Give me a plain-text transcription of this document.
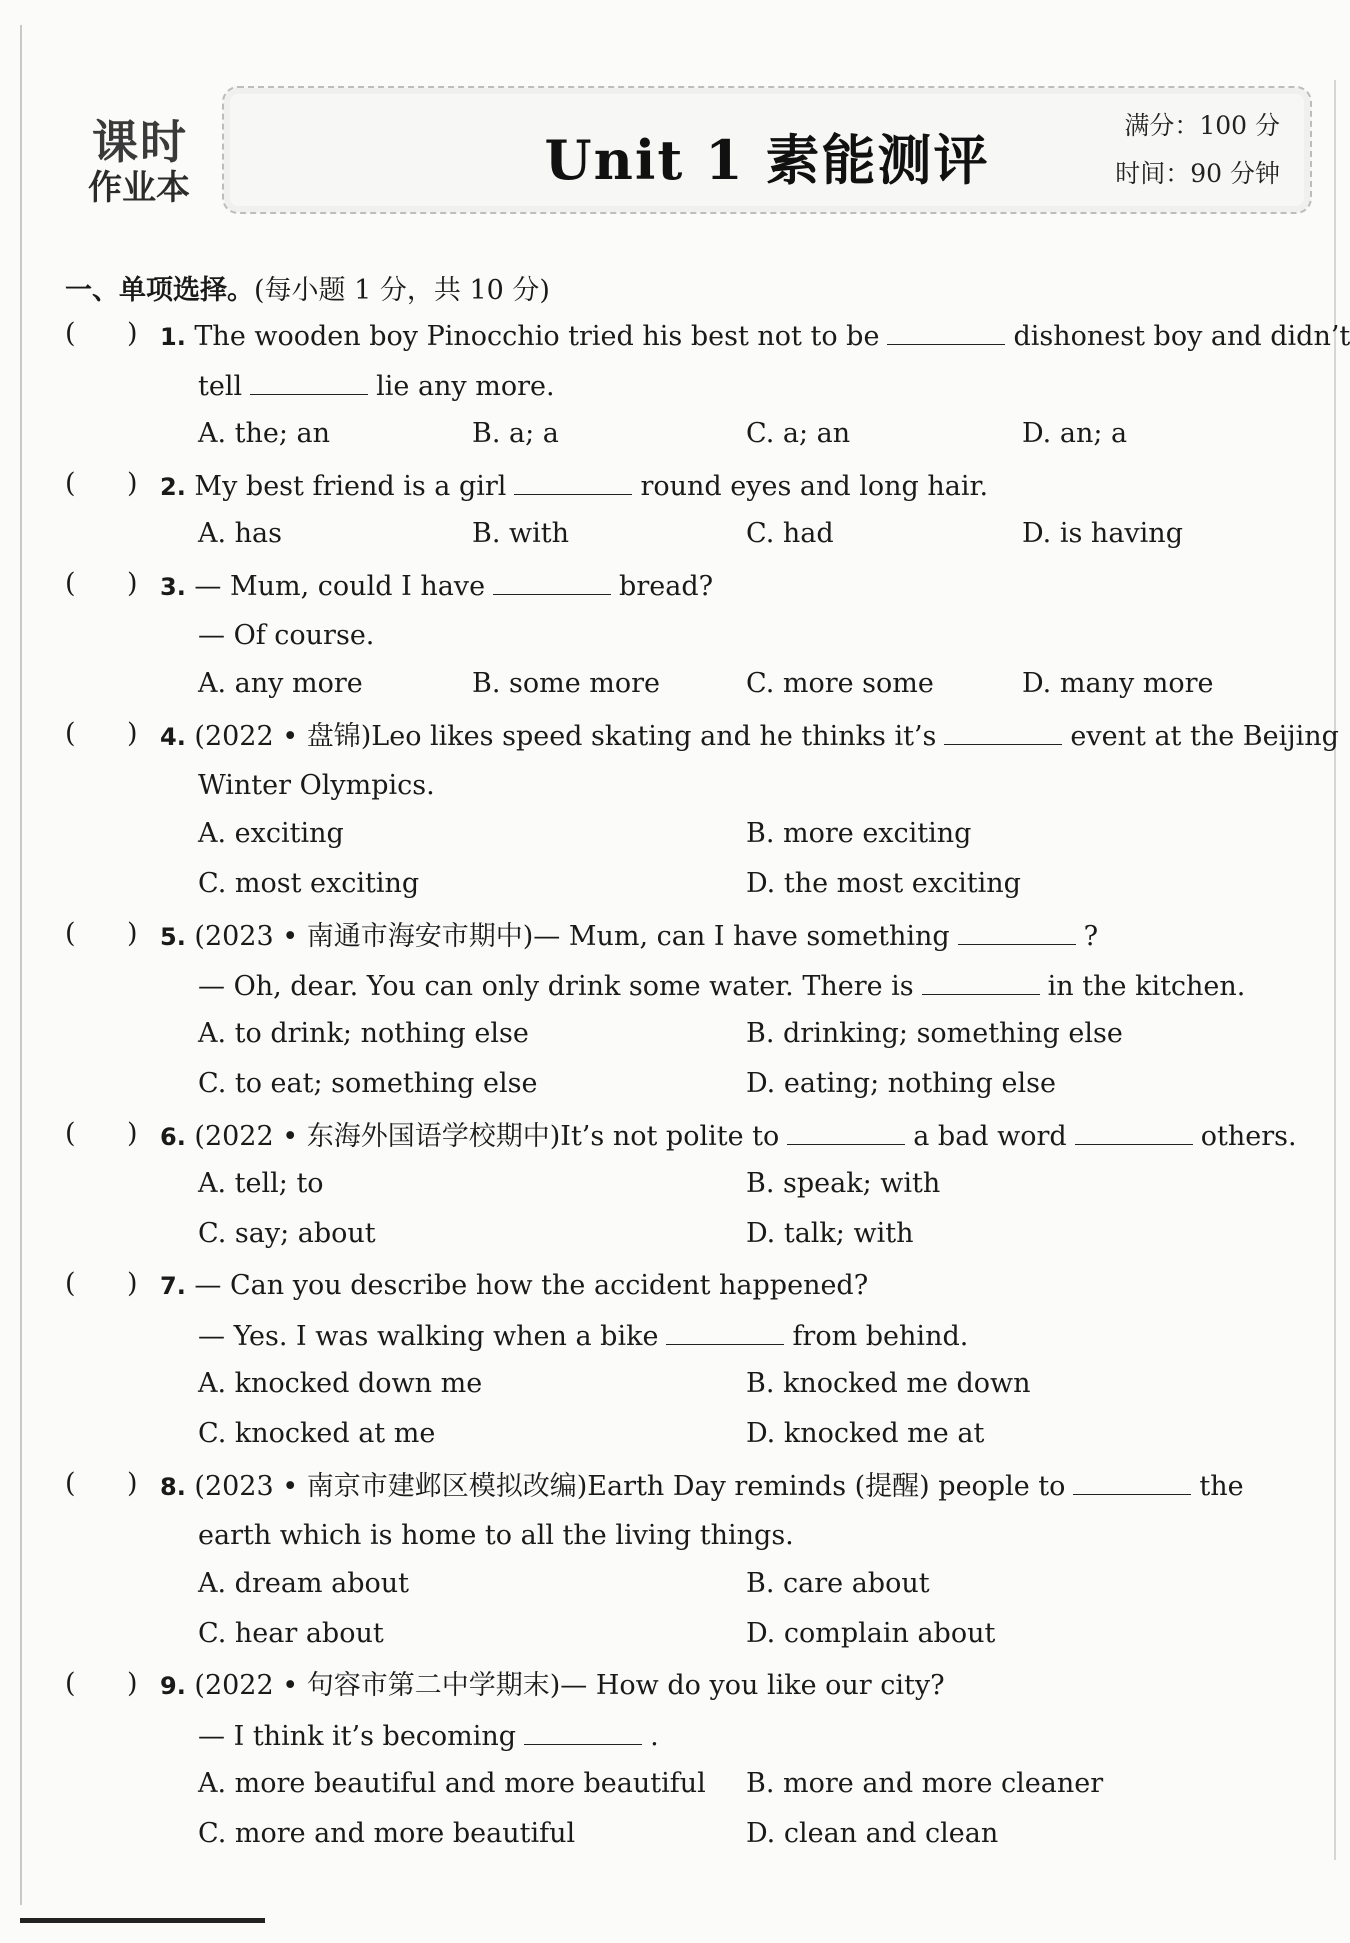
课时
作业本	Unit 1 素能测评
满分：100 分
时间：90 分钟
一、单项选择。(每小题 1 分，共 10 分)
(      ) 1. The wooden boy Pinocchio tried his best not to be	dishonest boy and didn’t
tell	lie any more.
A. the; an	B. a; a	C. a; an	D. an; a
(      ) 2. My best friend is a girl	round eyes and long hair.
A. has	B. with	C. had	D. is having
(      ) 3. — Mum, could I have	bread?
— Of course.
A. any more	B. some more	C. more some	D. many more
(      ) 4. (2022 • 盘锦)Leo likes speed skating and he thinks it’s	event at the Beijing
Winter Olympics.
A. exciting	B. more exciting
C. most exciting	D. the most exciting
(      ) 5. (2023 • 南通市海安市期中)— Mum, can I have something	?
— Oh, dear. You can only drink some water. There is	in the kitchen.
A. to drink; nothing else	B. drinking; something else
C. to eat; something else	D. eating; nothing else
(      ) 6. (2022 • 东海外国语学校期中)It’s not polite to	a bad word	others.
A. tell; to	B. speak; with
C. say; about	D. talk; with
(      ) 7. — Can you describe how the accident happened?
— Yes. I was walking when a bike	from behind.
A. knocked down me	B. knocked me down
C. knocked at me	D. knocked me at
(      ) 8. (2023 • 南京市建邺区模拟改编)Earth Day reminds (提醒) people to	the
earth which is home to all the living things.
A. dream about	B. care about
C. hear about	D. complain about
(      ) 9. (2022 • 句容市第二中学期末)— How do you like our city?
— I think it’s becoming	.
A. more beautiful and more beautiful B. more and more cleaner
C. more and more beautiful	D. clean and clean
